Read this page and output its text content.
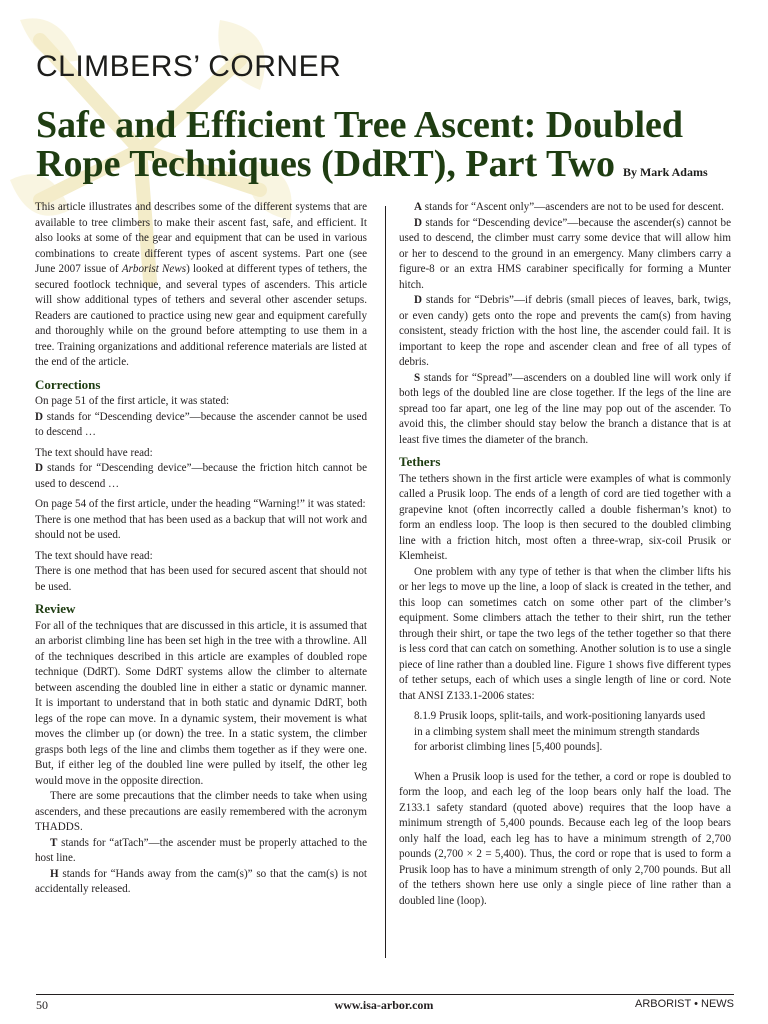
CLIMBERS’ CORNER
Safe and Efficient Tree Ascent: Doubled Rope Techniques (DdRT), Part Two By Mark Adams

This article illustrates and describes some of the different systems that are available to tree climbers to make their ascent fast, safe, and efficient. It also looks at some of the gear and equipment that can be used in various combinations to create different types of ascent systems. Part one (see June 2007 issue of Arborist News) looked at different types of tethers, the secured footlock technique, and several types of ascenders. This article will show additional types of tethers and several other ascender setups. Readers are cautioned to practice using new gear and equipment carefully and thoroughly while on the ground before attempting to use them in a tree. Training organizations and additional reference materials are listed at the end of the article.

Corrections

On page 51 of the first article, it was stated:

D stands for “Descending device”—because the ascender cannot be used to descend …

The text should have read:

D stands for “Descending device”—because the friction hitch cannot be used to descend …

On page 54 of the first article, under the heading “Warning!” it was stated:

There is one method that has been used as a backup that will not work and should not be used.

The text should have read:

There is one method that has been used for secured ascent that should not be used.

Review

For all of the techniques that are discussed in this article, it is assumed that an arborist climbing line has been set high in the tree with a throwline. All of the techniques described in this article are examples of doubled rope technique (DdRT). Some DdRT systems allow the climber to alternate between ascending the doubled line in either a static or dynamic manner. It is important to understand that in both static and dynamic DdRT, both legs of the rope can move. In a dynamic system, their movement is what moves the climber up (or down) the tree. In a static system, the climber grasps both legs of the line and climbs them together as if they were one. But, if either leg of the doubled line were pulled by itself, the other leg would move in the opposite direction.

There are some precautions that the climber needs to take when using ascenders, and these precautions are easily remembered with the acronym THADDS.

T stands for “atTach”—the ascender must be properly attached to the host line.

H stands for “Hands away from the cam(s)” so that the cam(s) is not accidentally released.

A stands for “Ascent only”—ascenders are not to be used for descent.

D stands for “Descending device”—because the ascender(s) cannot be used to descend, the climber must carry some device that will allow him or her to descend to the ground in an emergency. Many climbers carry a figure-8 or an extra HMS carabiner specifically for forming a Munter hitch.

D stands for “Debris”—if debris (small pieces of leaves, bark, twigs, or even candy) gets onto the rope and prevents the cam(s) from having consistent, steady friction with the host line, the ascender could fail. It is important to keep the rope and ascender clean and free of all types of debris.

S stands for “Spread”—ascenders on a doubled line will work only if both legs of the doubled line are close together. If the legs of the line are spread too far apart, one leg of the line may pop out of the ascender. To avoid this, the climber should stay below the branch a distance that is at least five times the diameter of the branch.

Tethers

The tethers shown in the first article were examples of what is commonly called a Prusik loop. The ends of a length of cord are tied together with a grapevine knot (often incorrectly called a double fisherman’s knot) to form an endless loop. The loop is then secured to the doubled climbing line with a friction hitch, most often a three-wrap, six-coil Prusik or Klemheist.

One problem with any type of tether is that when the climber lifts his or her legs to move up the line, a loop of slack is created in the tether, and this loop can sometimes catch on some other part of the climber’s equipment. Some climbers attach the tether to their shirt, run the tether through their shirt, or tape the two legs of the tether together so that there is less cord that can catch on something. Another solution is to use a single piece of line rather than a doubled line. Figure 1 shows five different types of tether setups, each of which uses a single length of line or cord. Note that ANSI Z133.1-2006 states:

8.1.9 Prusik loops, split-tails, and work-positioning lanyards used in a climbing system shall meet the minimum strength standards for arborist climbing lines [5,400 pounds].

When a Prusik loop is used for the tether, a cord or rope is doubled to form the loop, and each leg of the loop bears only half the load. The Z133.1 safety standard (quoted above) requires that the loop have a minimum strength of 5,400 pounds. Because each leg of the loop bears only half the load, each leg has to have a minimum strength of 2,700 pounds (2,700 × 2 = 5,400). Thus, the cord or rope that is used to form a Prusik loop has to have a minimum strength of only 2,700 pounds. But all of the tethers shown here use only a single piece of line rather than a doubled line (loop).

50	www.isa-arbor.com	ARBORIST • NEWS
